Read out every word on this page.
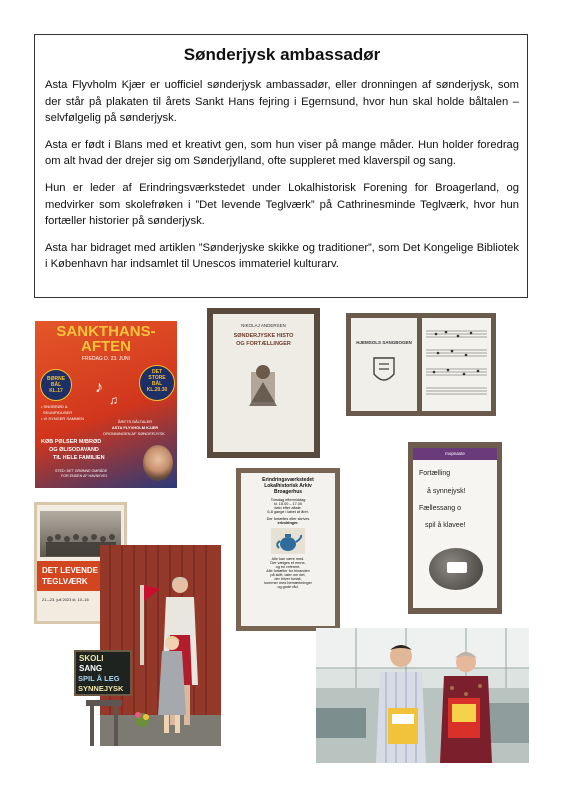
Sønderjysk ambassadør

Asta Flyvholm Kjær er uofficiel sønderjysk ambassadør, eller dronningen af sønderjysk, som der står på plakaten til årets Sankt Hans fejring i Egernsund, hvor hun skal holde båltalen – selvfølgelig på sønderjysk.

Asta er født i Blans med et kreativt gen, som hun viser på mange måder. Hun holder foredrag om alt hvad der drejer sig om Sønderjylland, ofte suppleret med klaverspil og sang.

Hun er leder af Erindringsværkstedet under Lokalhistorisk Forening for Broagerland, og medvirker som skolefrøken i ”Det levende Teglværk” på Cathrinesminde Teglværk, hvor hun fortæller historier på sønderjysk.

Asta har bidraget med artiklen ”Sønderjyske skikke og traditioner”, som Det Kongelige Bibliotek i København har indsamlet til Unescos immateriel kulturarv.

SANKTHANS-
AFTEN
FREDAG D. 23. JUNI
BØRNE
BÅL
KL.17
DET
STORE
BÅL
KL.20.30
♪
♫
• SNOBRØD &
SKUMFIDUSER
• VI SYNGER SAMMEN
ÅRETS BÅLTALER
ASTA FLYVHOLM KJÆR
DRONNINGEN AF SØNDERJYSK
KØB PØLSER M/BRØD
OG ØL/SODAVAND
TIL HELE FAMILIEN
STED: DET GRØNNE OMRÅDE
FOR ENDEN AF HAVNEVEJ
NIKOLAJ ANDERSEN
SØNDERJYSKE HISTO
OG FORTÆLLINGER	HJEMSOLS SANGBOGEN
Erindringsværkstedet
Lokalhistorisk Arkiv
Broagerhus
Torsdag eftermiddag
kl. 15.00 – 17.00
dato efter aftale.
6-8 gange i løbet af året.
Der fortælles eller skrives
erindringer.
Alle kan være med.
Der vælges et emne,
og en referent.
Alle fortæller for hinanden
på skift, taler om det,
der bliver fortalt,
kommer med bemærkninger
og gode råd.
mopnaste
Fortælling
å synnejysk!
Fællessang o
spil å klavee!
DET LEVENDE
TEGLVÆRK
21.–23. juli 2023 kl. 10–16
SKOLI
SANG
SPIL Å LEG
SYNNEJYSK
